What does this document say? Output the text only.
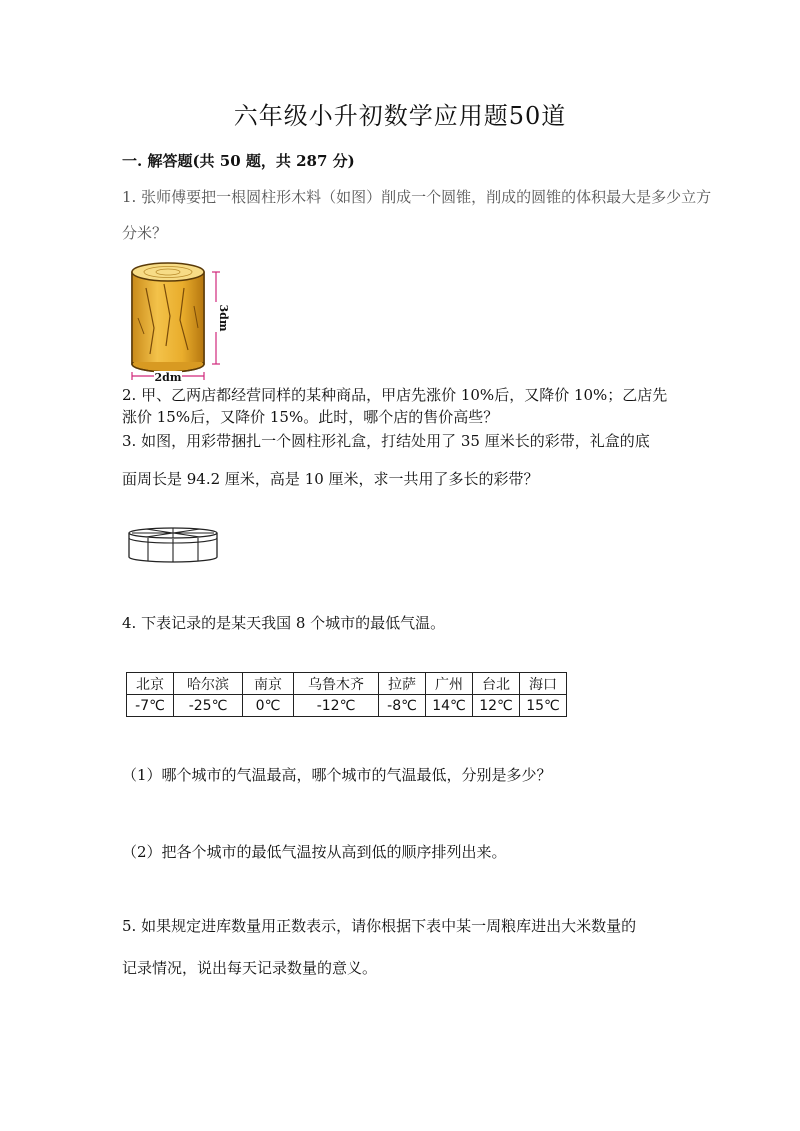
六年级小升初数学应用题50道
一. 解答题(共 50 题，共 287 分)
1. 张师傅要把一根圆柱形木料（如图）削成一个圆锥，削成的圆锥的体积最大是多少立方
分米？
2dm
3dm
2. 甲、乙两店都经营同样的某种商品，甲店先涨价 10%后，又降价 10%；乙店先
涨价 15%后，又降价 15%。此时，哪个店的售价高些？
3. 如图，用彩带捆扎一个圆柱形礼盒，打结处用了 35 厘米长的彩带，礼盒的底
面周长是 94.2 厘米，高是 10 厘米，求一共用了多长的彩带？
4. 下表记录的是某天我国 8 个城市的最低气温。
北京	哈尔滨	南京	乌鲁木齐	拉萨	广州	台北	海口
-7℃	-25℃	0℃	-12℃	-8℃	14℃	12℃	15℃
（1）哪个城市的气温最高，哪个城市的气温最低，分别是多少？
（2）把各个城市的最低气温按从高到低的顺序排列出来。
5. 如果规定进库数量用正数表示，请你根据下表中某一周粮库进出大米数量的
记录情况，说出每天记录数量的意义。
